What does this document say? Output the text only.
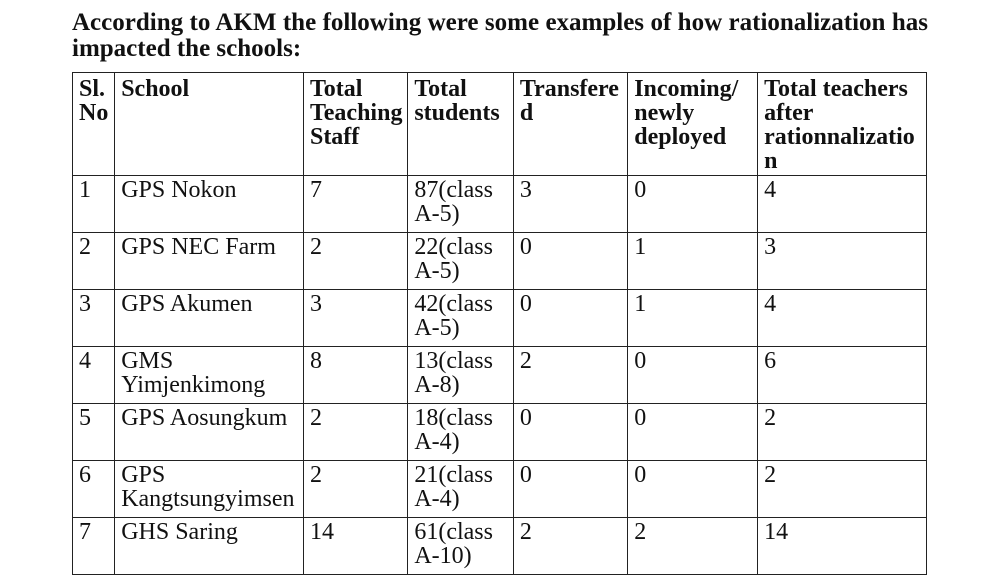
According to AKM the following were some examples of how rationalization has impacted the schools:

Sl. No	School	Total Teaching Staff	Total students	Transfered	Incoming/ newly deployed	Total teachers after rationnalization
1	GPS Nokon	7	87(class A-5)	3	0	4
2	GPS NEC Farm	2	22(class A-5)	0	1	3
3	GPS Akumen	3	42(class A-5)	0	1	4
4	GMS Yimjenkimong	8	13(class A-8)	2	0	6
5	GPS Aosungkum	2	18(class A-4)	0	0	2
6	GPS Kangtsungyimsen	2	21(class A-4)	0	0	2
7	GHS Saring	14	61(class A-10)	2	2	14
